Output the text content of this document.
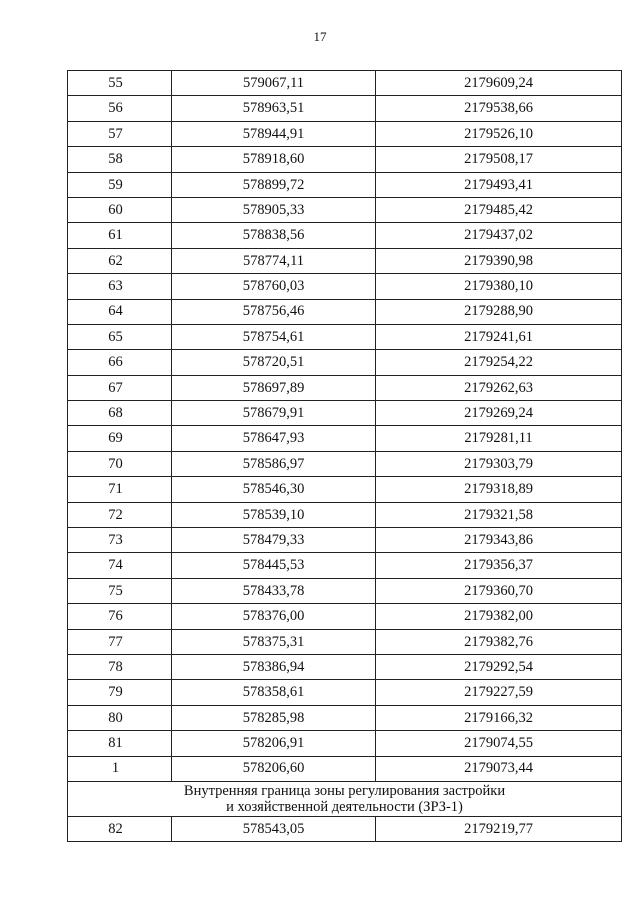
17
55	579067,11	2179609,24
56	578963,51	2179538,66
57	578944,91	2179526,10
58	578918,60	2179508,17
59	578899,72	2179493,41
60	578905,33	2179485,42
61	578838,56	2179437,02
62	578774,11	2179390,98
63	578760,03	2179380,10
64	578756,46	2179288,90
65	578754,61	2179241,61
66	578720,51	2179254,22
67	578697,89	2179262,63
68	578679,91	2179269,24
69	578647,93	2179281,11
70	578586,97	2179303,79
71	578546,30	2179318,89
72	578539,10	2179321,58
73	578479,33	2179343,86
74	578445,53	2179356,37
75	578433,78	2179360,70
76	578376,00	2179382,00
77	578375,31	2179382,76
78	578386,94	2179292,54
79	578358,61	2179227,59
80	578285,98	2179166,32
81	578206,91	2179074,55
1	578206,60	2179073,44

Внутренняя граница зоны регулирования застройки
и хозяйственной деятельности (ЗРЗ-1)		

82	578543,05	2179219,77
